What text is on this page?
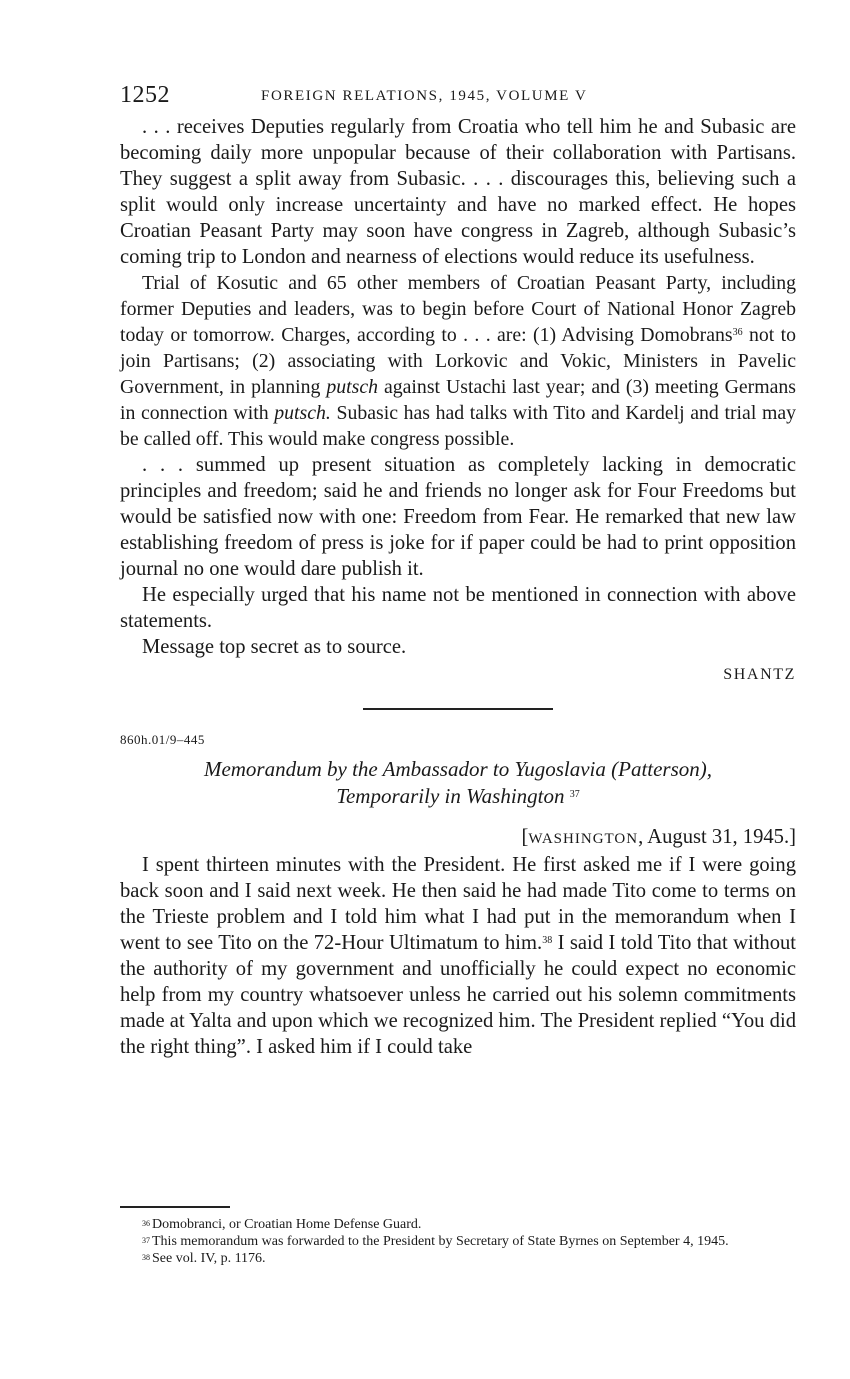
1252	FOREIGN RELATIONS, 1945, VOLUME V

. . . receives Deputies regularly from Croatia who tell him he and Subasic are becoming daily more unpopular because of their collaboration with Partisans. They suggest a split away from Subasic. . . . discourages this, believing such a split would only increase uncertainty and have no marked effect. He hopes Croatian Peasant Party may soon have congress in Zagreb, although Subasic’s coming trip to London and nearness of elections would reduce its usefulness.

Trial of Kosutic and 65 other members of Croatian Peasant Party, including former Deputies and leaders, was to begin before Court of National Honor Zagreb today or tomorrow. Charges, according to . . . are: (1) Advising Domobrans$^{36}$ not to join Partisans; (2) associating with Lorkovic and Vokic, Ministers in Pavelic Government, in planning putsch against Ustachi last year; and (3) meeting Germans in connection with putsch. Subasic has had talks with Tito and Kardelj and trial may be called off. This would make congress possible.

. . . summed up present situation as completely lacking in democratic principles and freedom; said he and friends no longer ask for Four Freedoms but would be satisfied now with one: Freedom from Fear. He remarked that new law establishing freedom of press is joke for if paper could be had to print opposition journal no one would dare publish it.

He especially urged that his name not be mentioned in connection with above statements.

Message top secret as to source.

SHANTZ
860h.01/9–445
Memorandum by the Ambassador to Yugoslavia (Patterson),
Temporarily in Washington $^{37}$
[WASHINGTON, August 31, 1945.]

I spent thirteen minutes with the President. He first asked me if I were going back soon and I said next week. He then said he had made Tito come to terms on the Trieste problem and I told him what I had put in the memorandum when I went to see Tito on the 72-Hour Ultimatum to him.$^{38}$ I said I told Tito that without the authority of my government and unofficially he could expect no economic help from my country whatsoever unless he carried out his solemn commitments made at Yalta and upon which we recognized him. The President replied “You did the right thing”. I asked him if I could take

$^{36}$ Domobranci, or Croatian Home Defense Guard.

$^{37}$ This memorandum was forwarded to the President by Secretary of State Byrnes on September 4, 1945.

$^{38}$ See vol. IV, p. 1176.
